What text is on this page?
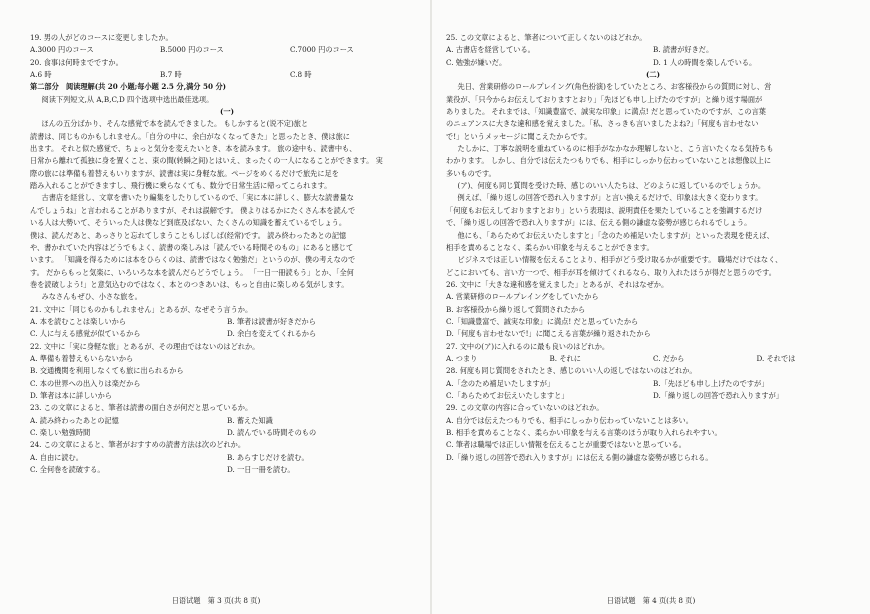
19. 男の人がどのコースに変更しましたか。
A.3000 円のコース	B.5000 円のコース	C.7000 円のコース
20. 食事は何時までですか。
A.6 時	B.7 時	C.8 時
第二部分　阅读理解(共 20 小题;每小题 2.5 分,满分 50 分)
阅读下列短文,从 A,B,C,D 四个选项中选出最佳选项。
(一)
ほんの五分ばかり、そんな感覚で本を読んできました。 もしかすると(说不定)旅と
読書は、同じものかもしれません。「自分の中に、余白がなくなってきた」と思ったとき、僕は旅に
出ます。 それと似た感覚で、ちょっと気分を変えたいとき、本を読みます。 旅の途中も、読書中も、
日常から離れて孤独に身を置くこと、束の間(转瞬之间)とはいえ、まったくの一人になることができます。 実
際の旅には準備も着替えもいりますが、読書は実に身軽な旅。ページをめくるだけで旅先に足を
踏み入れることができますし、飛行機に乗らなくても、数分で日常生活に帰ってこられます。
古書店を経営し、文章を書いたり編集をしたりしているので、「実に本に詳しく、膨大な読書量な
んでしょうね」と言われることがありますが、それは誤解です。 僕よりはるかにたくさん本を読んで
いる人は大勢いて、そういった人は僕など到底及ばない、たくさんの知識を蓄えているでしょう。
僕は、読んだあと、あっさりと忘れてしまうこともしばしば(经常)です。 読み終わったあとの記憶
や、書かれていた内容はどうでもよく、読書の楽しみは「読んでいる時間そのもの」にあると感じて
います。 「知識を得るためには本をひらくのは、読書ではなく勉強だ」というのが、僕の考えなので
す。 だからもっと気楽に、いろいろな本を読んだらどうでしょう。 「一日一冊読もう」とか、「全何
巻を読破しよう!」と意気込むのではなく、本とのつきあいは、もっと自由に楽しめる気がします。
みなさんもぜひ、小さな旅を。
21. 文中に「同じものかもしれません」とあるが、なぜそう言うか。
A. 本を読むことは楽しいから	B. 筆者は読書が好きだから
C. 人に与える感覚が似ているから	D. 余白を変えてくれるから
22. 文中に「実に身軽な旅」とあるが、その理由ではないのはどれか。
A. 準備も着替えもいらないから
B. 交通機関を利用しなくても旅に出られるから
C. 本の世界への出入りは楽だから
D. 筆者は本に詳しいから
23. この文章によると、筆者は読書の面白さが何だと思っているか。
A. 読み終わったあとの記憶	B. 蓄えた知識
C. 楽しい勉強時間	D. 読んでいる時間そのもの
24. この文章によると、筆者がおすすめの読書方法は次のどれか。
A. 自由に読む。	B. あらすじだけを読む。
C. 全何巻を読破する。	D. 一日一冊を読む。
日语试题　第 3 页(共 8 页)
25. この文章によると、筆者について正しくないのはどれか。
A. 古書店を経営している。	B. 読書が好きだ。
C. 勉強が嫌いだ。	D. 1 人の時間を楽しんでいる。
(二)
先日、営業研修のロールプレイング(角色扮演)をしていたところ、お客様役からの質問に対し、営
業役が、「只今からお伝えしておりますとおり」「先ほども申し上げたのですが」と繰り返す場面が
ありました。 それまでは、「知識豊富で、誠実な印象」に満点! だと思っていたのですが、この言葉
のニュアンスに大きな違和感を覚えました。「私、さっきも言いましたよね?」「何度も言わせない
で!」というメッセージに聞こえたからです。
たしかに、丁寧な説明を重ねているのに相手がなかなか理解しないと、こう言いたくなる気持ちも
わかります。 しかし、自分では伝えたつもりでも、相手にしっかり伝わっていないことは想像以上に
多いものです。
(ア)、何度も同じ質問を受けた時、感じのいい人たちは、どのように返しているのでしょうか。
例えば、「繰り返しの回答で恐れ入りますが」と言い換えるだけで、印象は大きく変わります。
「何度もお伝えしておりますとおり」という表現は、説明責任を果たしていることを強調するだけ
で、「繰り返しの回答で恐れ入りますが」には、伝える側の謙虚な姿勢が感じられるでしょう。
他にも、「あらためてお伝えいたしますと」「念のため補足いたしますが」といった表現を使えば、
相手を責めることなく、柔らかい印象を与えることができます。
ビジネスでは正しい情報を伝えることより、相手がどう受け取るかが重要です。 職場だけではなく、
どこにおいても、言い方一つで、相手が耳を傾けてくれるなら、取り入れたほうが得だと思うのです。
26. 文中に「大きな違和感を覚えました」とあるが、それはなぜか。
A. 営業研修のロールプレイングをしていたから
B. お客様役から繰り返して質問されたから
C.「知識豊富で、誠実な印象」に満点! だと思っていたから
D.「何度も言わせないで!」に聞こえる言葉が繰り返されたから
27. 文中の(ア)に入れるのに最も良いのはどれか。
A. つまり	B. それに	C. だから	D. それでは
28. 何度も同じ質問をされたとき、感じのいい人の返しではないのはどれか。
A.「念のため補足いたしますが」	B.「先ほども申し上げたのですが」
C.「あらためてお伝えいたしますと」	D.「繰り返しの回答で恐れ入りますが」
29. この文章の内容に合っていないのはどれか。
A. 自分では伝えたつもりでも、相手にしっかり伝わっていないことは多い。
B. 相手を責めることなく、柔らかい印象を与える言葉のほうが取り入れられやすい。
C. 筆者は職場では正しい情報を伝えることが重要ではないと思っている。
D.「繰り返しの回答で恐れ入りますが」には伝える側の謙虚な姿勢が感じられる。
日语试题　第 4 页(共 8 页)
